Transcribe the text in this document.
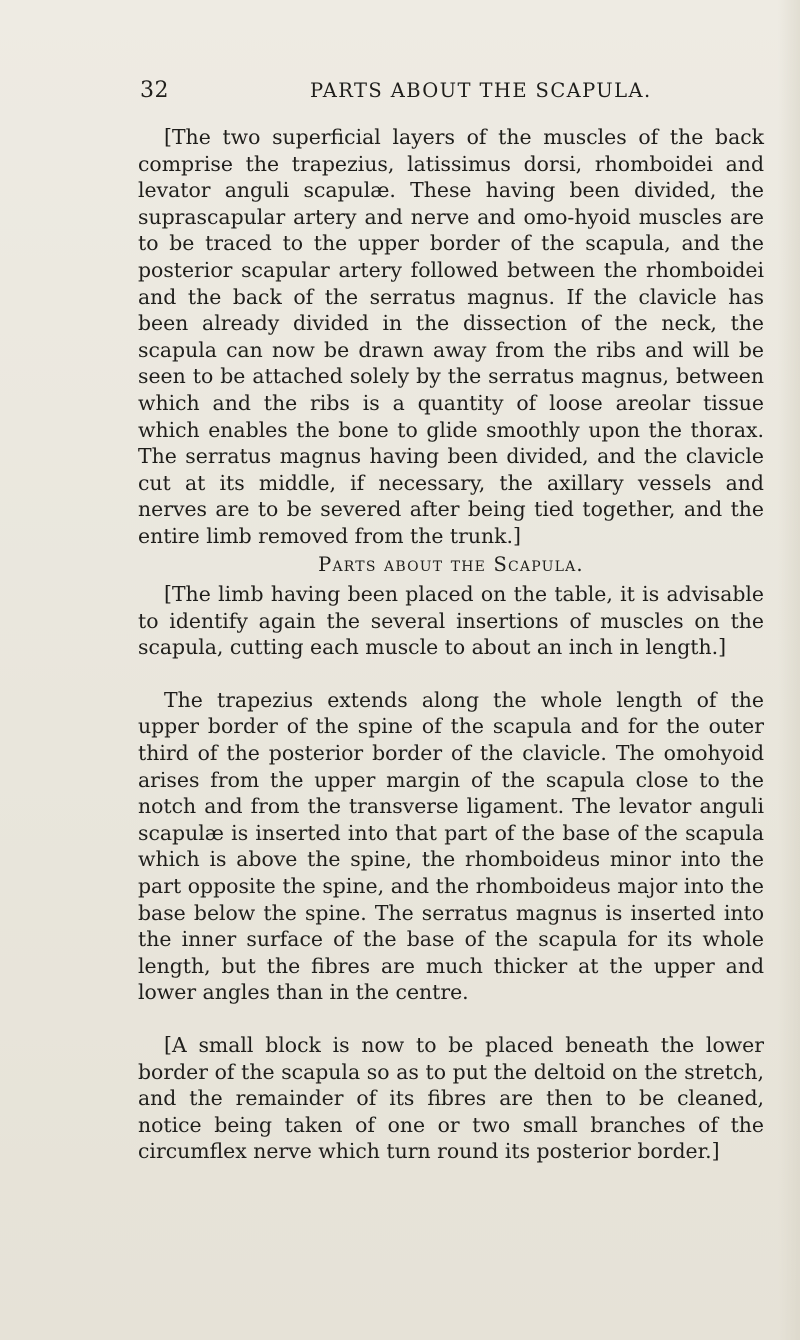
32	PARTS ABOUT THE SCAPULA.

[The two superficial layers of the muscles of the back comprise the trapezius, latissimus dorsi, rhomboidei and levator anguli scapulæ. These having been divided, the suprascapular artery and nerve and omo-hyoid muscles are to be traced to the upper border of the scapula, and the posterior scapular artery followed between the rhomboidei and the back of the serratus magnus. If the clavicle has been already divided in the dissection of the neck, the scapula can now be drawn away from the ribs and will be seen to be attached solely by the serratus magnus, between which and the ribs is a quantity of loose areolar tissue which enables the bone to glide smoothly upon the thorax. The serratus magnus having been divided, and the clavicle cut at its middle, if necessary, the axillary vessels and nerves are to be severed after being tied together, and the entire limb removed from the trunk.]

Parts about the Scapula.

[The limb having been placed on the table, it is advisable to identify again the several insertions of muscles on the scapula, cutting each muscle to about an inch in length.]

The trapezius extends along the whole length of the upper border of the spine of the scapula and for the outer third of the posterior border of the clavicle. The omohyoid arises from the upper margin of the scapula close to the notch and from the transverse ligament. The levator anguli scapulæ is inserted into that part of the base of the scapula which is above the spine, the rhomboideus minor into the part opposite the spine, and the rhomboideus major into the base below the spine. The serratus magnus is inserted into the inner surface of the base of the scapula for its whole length, but the fibres are much thicker at the upper and lower angles than in the centre.

[A small block is now to be placed beneath the lower border of the scapula so as to put the deltoid on the stretch, and the remainder of its fibres are then to be cleaned, notice being taken of one or two small branches of the circumflex nerve which turn round its posterior border.]
